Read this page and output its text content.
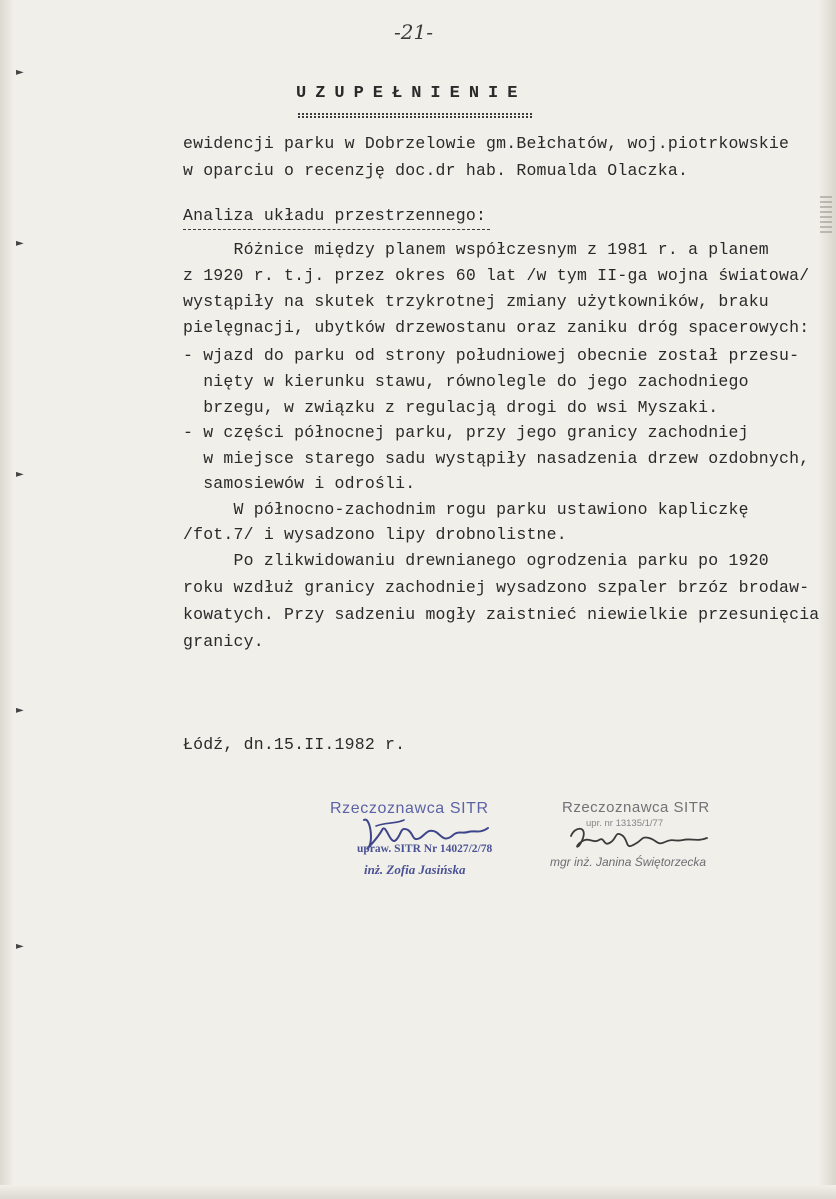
-21-
►
►
►
►
►
UZUPEŁNIENIE
ewidencji parku w Dobrzelowie gm.Bełchatów, woj.piotrkowskie
w oparciu o recenzję doc.dr hab. Romualda Olaczka.
Analiza układu przestrzennego:
Różnice między planem współczesnym z 1981 r. a planem
z 1920 r. t.j. przez okres 60 lat /w tym II-ga wojna światowa/
wystąpiły na skutek trzykrotnej zmiany użytkowników, braku
pielęgnacji, ubytków drzewostanu oraz zaniku dróg spacerowych:
- wjazd do parku od strony południowej obecnie został przesu-
nięty w kierunku stawu, równolegle do jego zachodniego
brzegu, w związku z regulacją drogi do wsi Myszaki.
- w części północnej parku, przy jego granicy zachodniej
w miejsce starego sadu wystąpiły nasadzenia drzew ozdobnych,
samosiewów i odrośli.
W północno-zachodnim rogu parku ustawiono kapliczkę
/fot.7/ i wysadzono lipy drobnolistne.
Po zlikwidowaniu drewnianego ogrodzenia parku po 1920
roku wzdłuż granicy zachodniej wysadzono szpaler brzóz brodaw-
kowatych. Przy sadzeniu mogły zaistnieć niewielkie przesunięcia
granicy.
Łódź, dn.15.II.1982 r.
Rzeczoznawca SITR
upraw. SITR Nr 14027/2/78
inż. Zofia Jasińska
Rzeczoznawca SITR
upr. nr 13135/1/77
mgr inż. Janina Świętorzecka
